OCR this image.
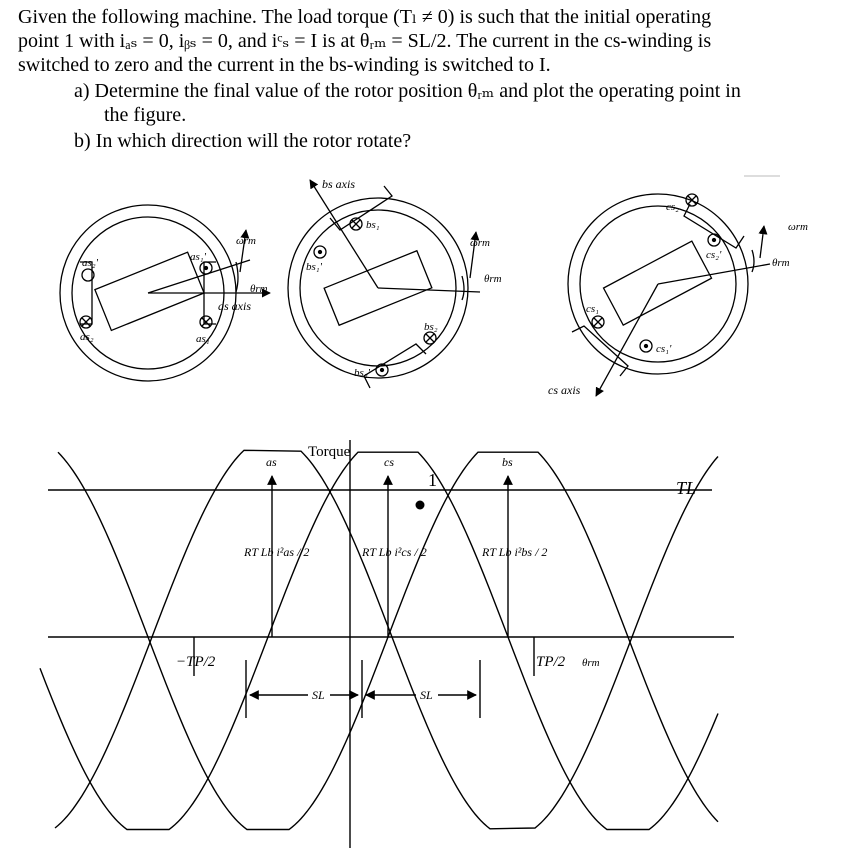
Given the following machine. The load torque (Tₗ ≠ 0) is such that the initial operating
point 1 with iₐₛ = 0, iᵦₛ = 0, and iᶜₛ = I is at θᵣₘ = SL/2. The current in the cs-winding is
switched to zero and the current in the bs-winding is switched to I.
a) Determine the final value of the rotor position θᵣₘ and plot the operating point in
the figure.
b) In which direction will the rotor rotate?
as₂'	as₁'
as₂	as₁
as axis
ωrm
θrm
bs₁
bs₁'
bs₂
bs₂'
bs axis
ωrm
θrm
cs₂
cs₂'
cs₁
cs₁'
cs axis
ωrm
θrm
1
Torque
TL
as	cs	bs
RT Lb i²as / 2	RT Lb i²cs / 2	RT Lb i²bs / 2
−TP/2	TP/2
SL	SL
θrm
